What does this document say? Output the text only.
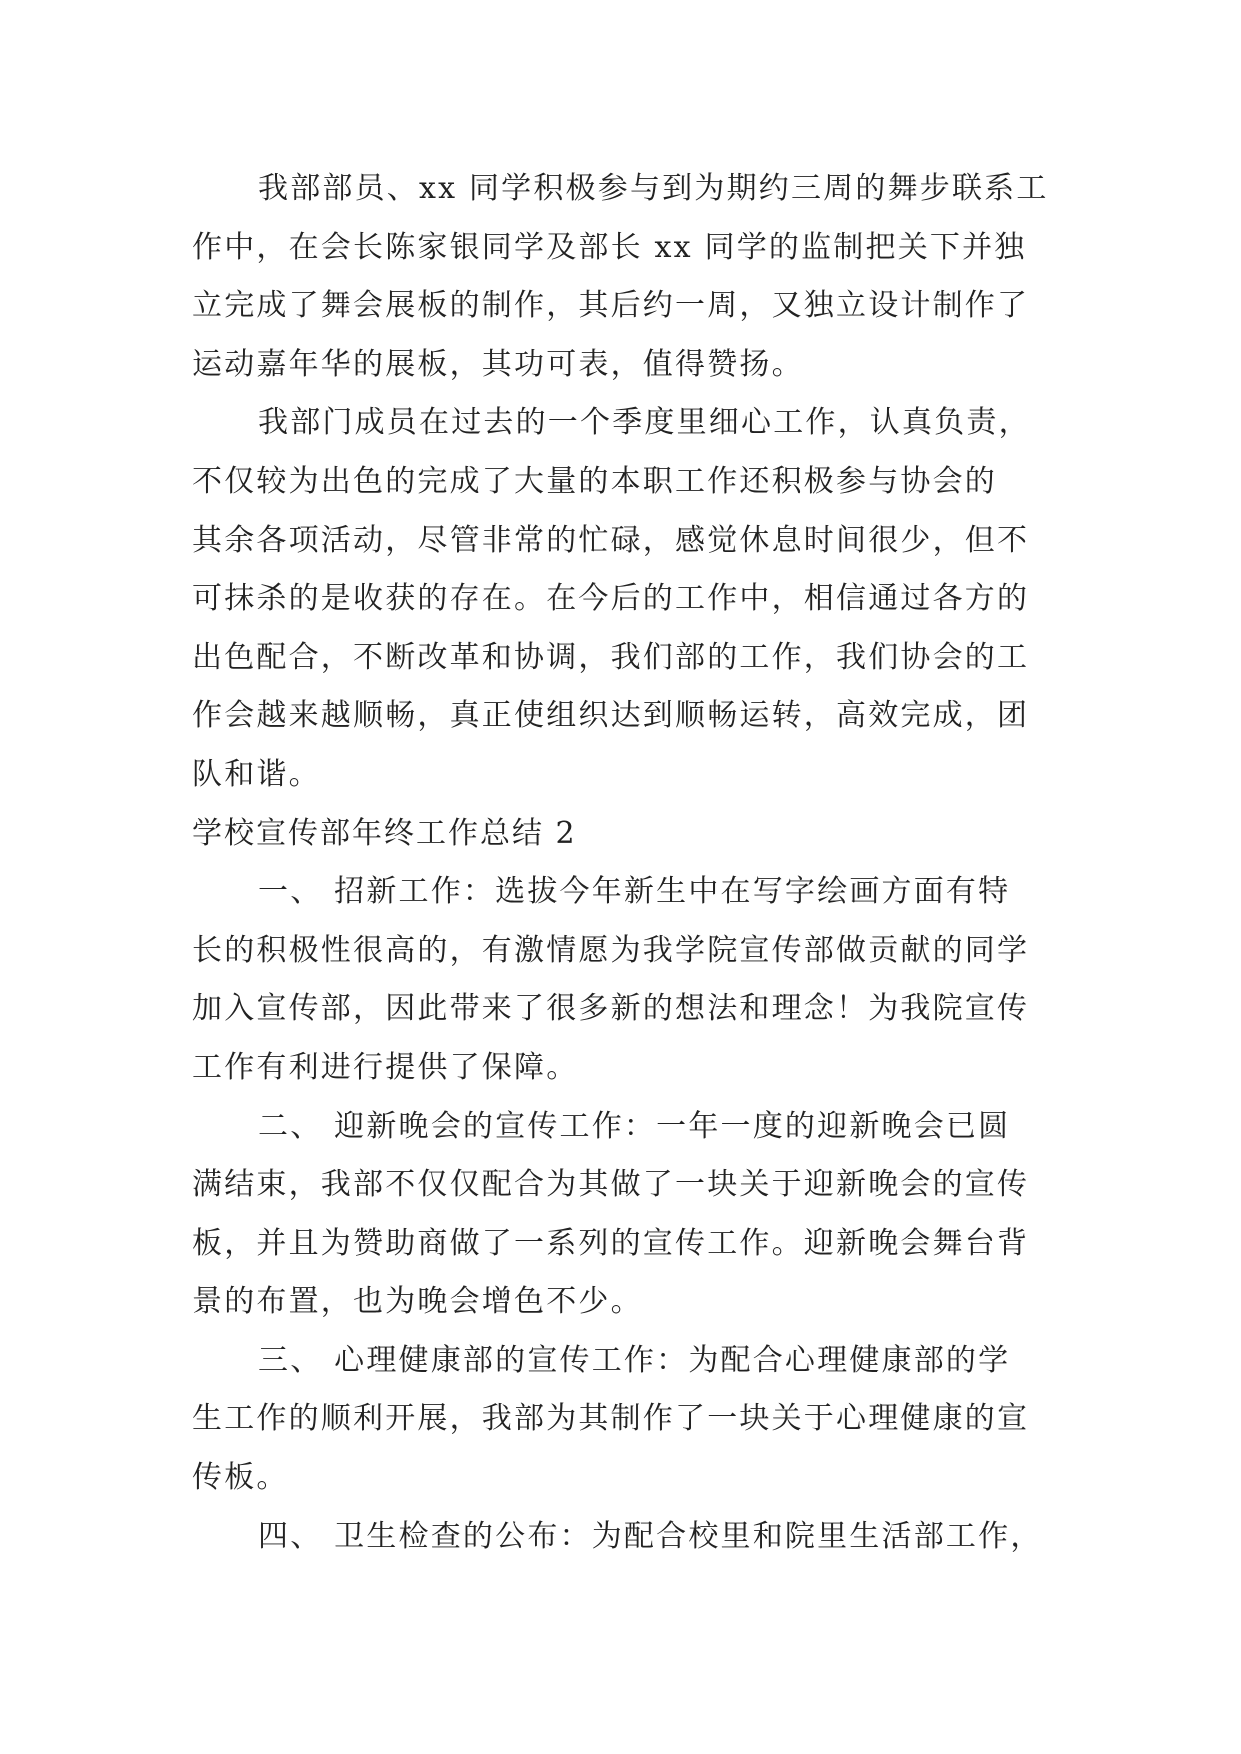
我部部员、xx 同学积极参与到为期约三周的舞步联系工
作中，在会长陈家银同学及部长 xx 同学的监制把关下并独
立完成了舞会展板的制作，其后约一周，又独立设计制作了
运动嘉年华的展板，其功可表，值得赞扬。
我部门成员在过去的一个季度里细心工作，认真负责，
不仅较为出色的完成了大量的本职工作还积极参与协会的
其余各项活动，尽管非常的忙碌，感觉休息时间很少，但不
可抹杀的是收获的存在。在今后的工作中，相信通过各方的
出色配合，不断改革和协调，我们部的工作，我们协会的工
作会越来越顺畅，真正使组织达到顺畅运转，高效完成，团
队和谐。
学校宣传部年终工作总结 2
一、 招新工作：选拔今年新生中在写字绘画方面有特
长的积极性很高的，有激情愿为我学院宣传部做贡献的同学
加入宣传部，因此带来了很多新的想法和理念！为我院宣传
工作有利进行提供了保障。
二、 迎新晚会的宣传工作：一年一度的迎新晚会已圆
满结束，我部不仅仅配合为其做了一块关于迎新晚会的宣传
板，并且为赞助商做了一系列的宣传工作。迎新晚会舞台背
景的布置，也为晚会增色不少。
三、 心理健康部的宣传工作：为配合心理健康部的学
生工作的顺利开展，我部为其制作了一块关于心理健康的宣
传板。
四、 卫生检查的公布：为配合校里和院里生活部工作，
